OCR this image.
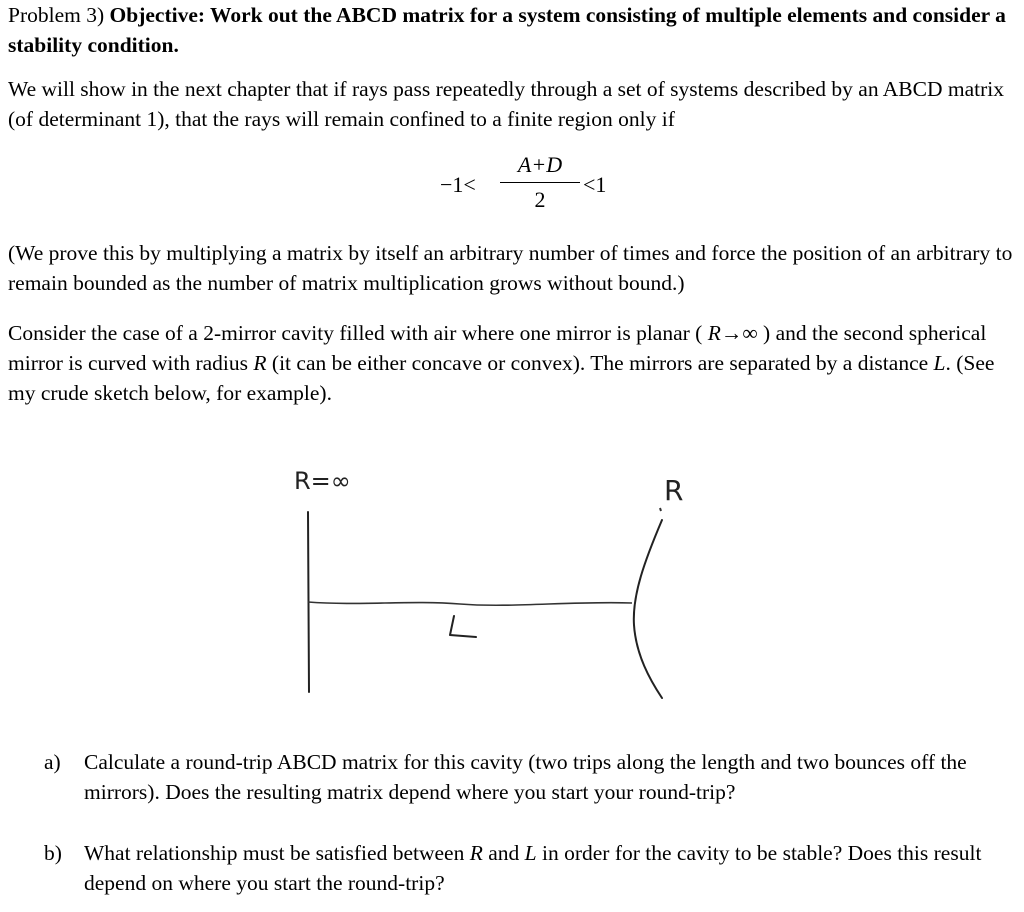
Problem 3) Objective: Work out the ABCD matrix for a system consisting of multiple elements and consider a stability condition.

We will show in the next chapter that if rays pass repeatedly through a set of systems described by an ABCD matrix (of determinant 1), that the rays will remain confined to a finite region only if

−1<
A+D
2
<1

(We prove this by multiplying a matrix by itself an arbitrary number of times and force the position of an arbitrary to remain bounded as the number of matrix multiplication grows without bound.)

Consider the case of a 2-mirror cavity filled with air where one mirror is planar ( R→∞ ) and the second spherical mirror is curved with radius R (it can be either concave or convex). The mirrors are separated by a distance L. (See my crude sketch below, for example).

R=∞	R
a) Calculate a round-trip ABCD matrix for this cavity (two trips along the length and two bounces off the mirrors). Does the resulting matrix depend where you start your round-trip?
b) What relationship must be satisfied between R and L in order for the cavity to be stable? Does this result depend on where you start the round-trip?
